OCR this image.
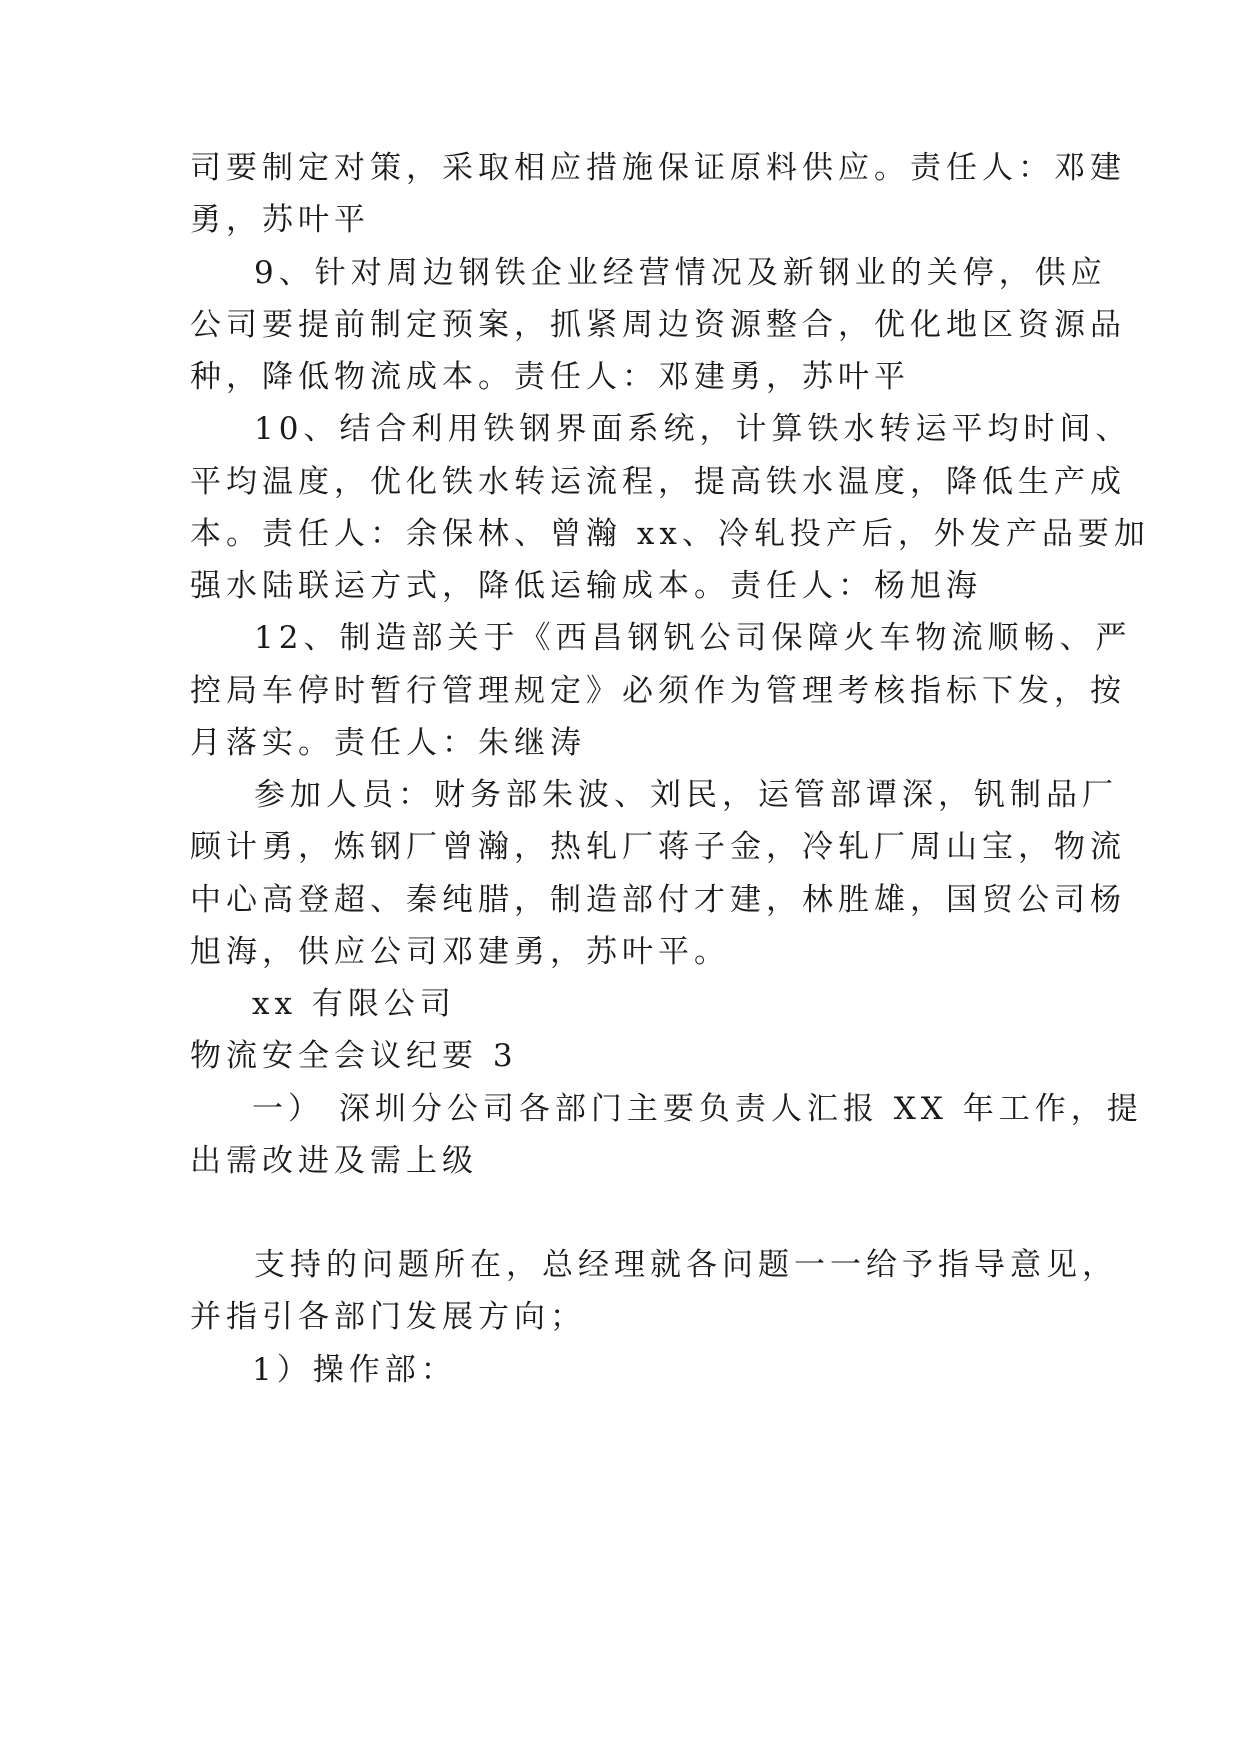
司要制定对策，采取相应措施保证原料供应。责任人：邓建
勇，苏叶平
9、针对周边钢铁企业经营情况及新钢业的关停，供应
公司要提前制定预案，抓紧周边资源整合，优化地区资源品
种，降低物流成本。责任人：邓建勇，苏叶平
10、结合利用铁钢界面系统，计算铁水转运平均时间、
平均温度，优化铁水转运流程，提高铁水温度，降低生产成
本。责任人：余保林、曾瀚 xx、冷轧投产后，外发产品要加
强水陆联运方式，降低运输成本。责任人：杨旭海
12、制造部关于《西昌钢钒公司保障火车物流顺畅、严
控局车停时暂行管理规定》必须作为管理考核指标下发，按
月落实。责任人：朱继涛
参加人员：财务部朱波、刘民，运管部谭深，钒制品厂
顾计勇，炼钢厂曾瀚，热轧厂蒋子金，冷轧厂周山宝，物流
中心高登超、秦纯腊，制造部付才建，林胜雄，国贸公司杨
旭海，供应公司邓建勇，苏叶平。
xx 有限公司
物流安全会议纪要 3
一） 深圳分公司各部门主要负责人汇报 XX 年工作，提
出需改进及需上级
支持的问题所在，总经理就各问题一一给予指导意见，
并指引各部门发展方向；
1）操作部：
